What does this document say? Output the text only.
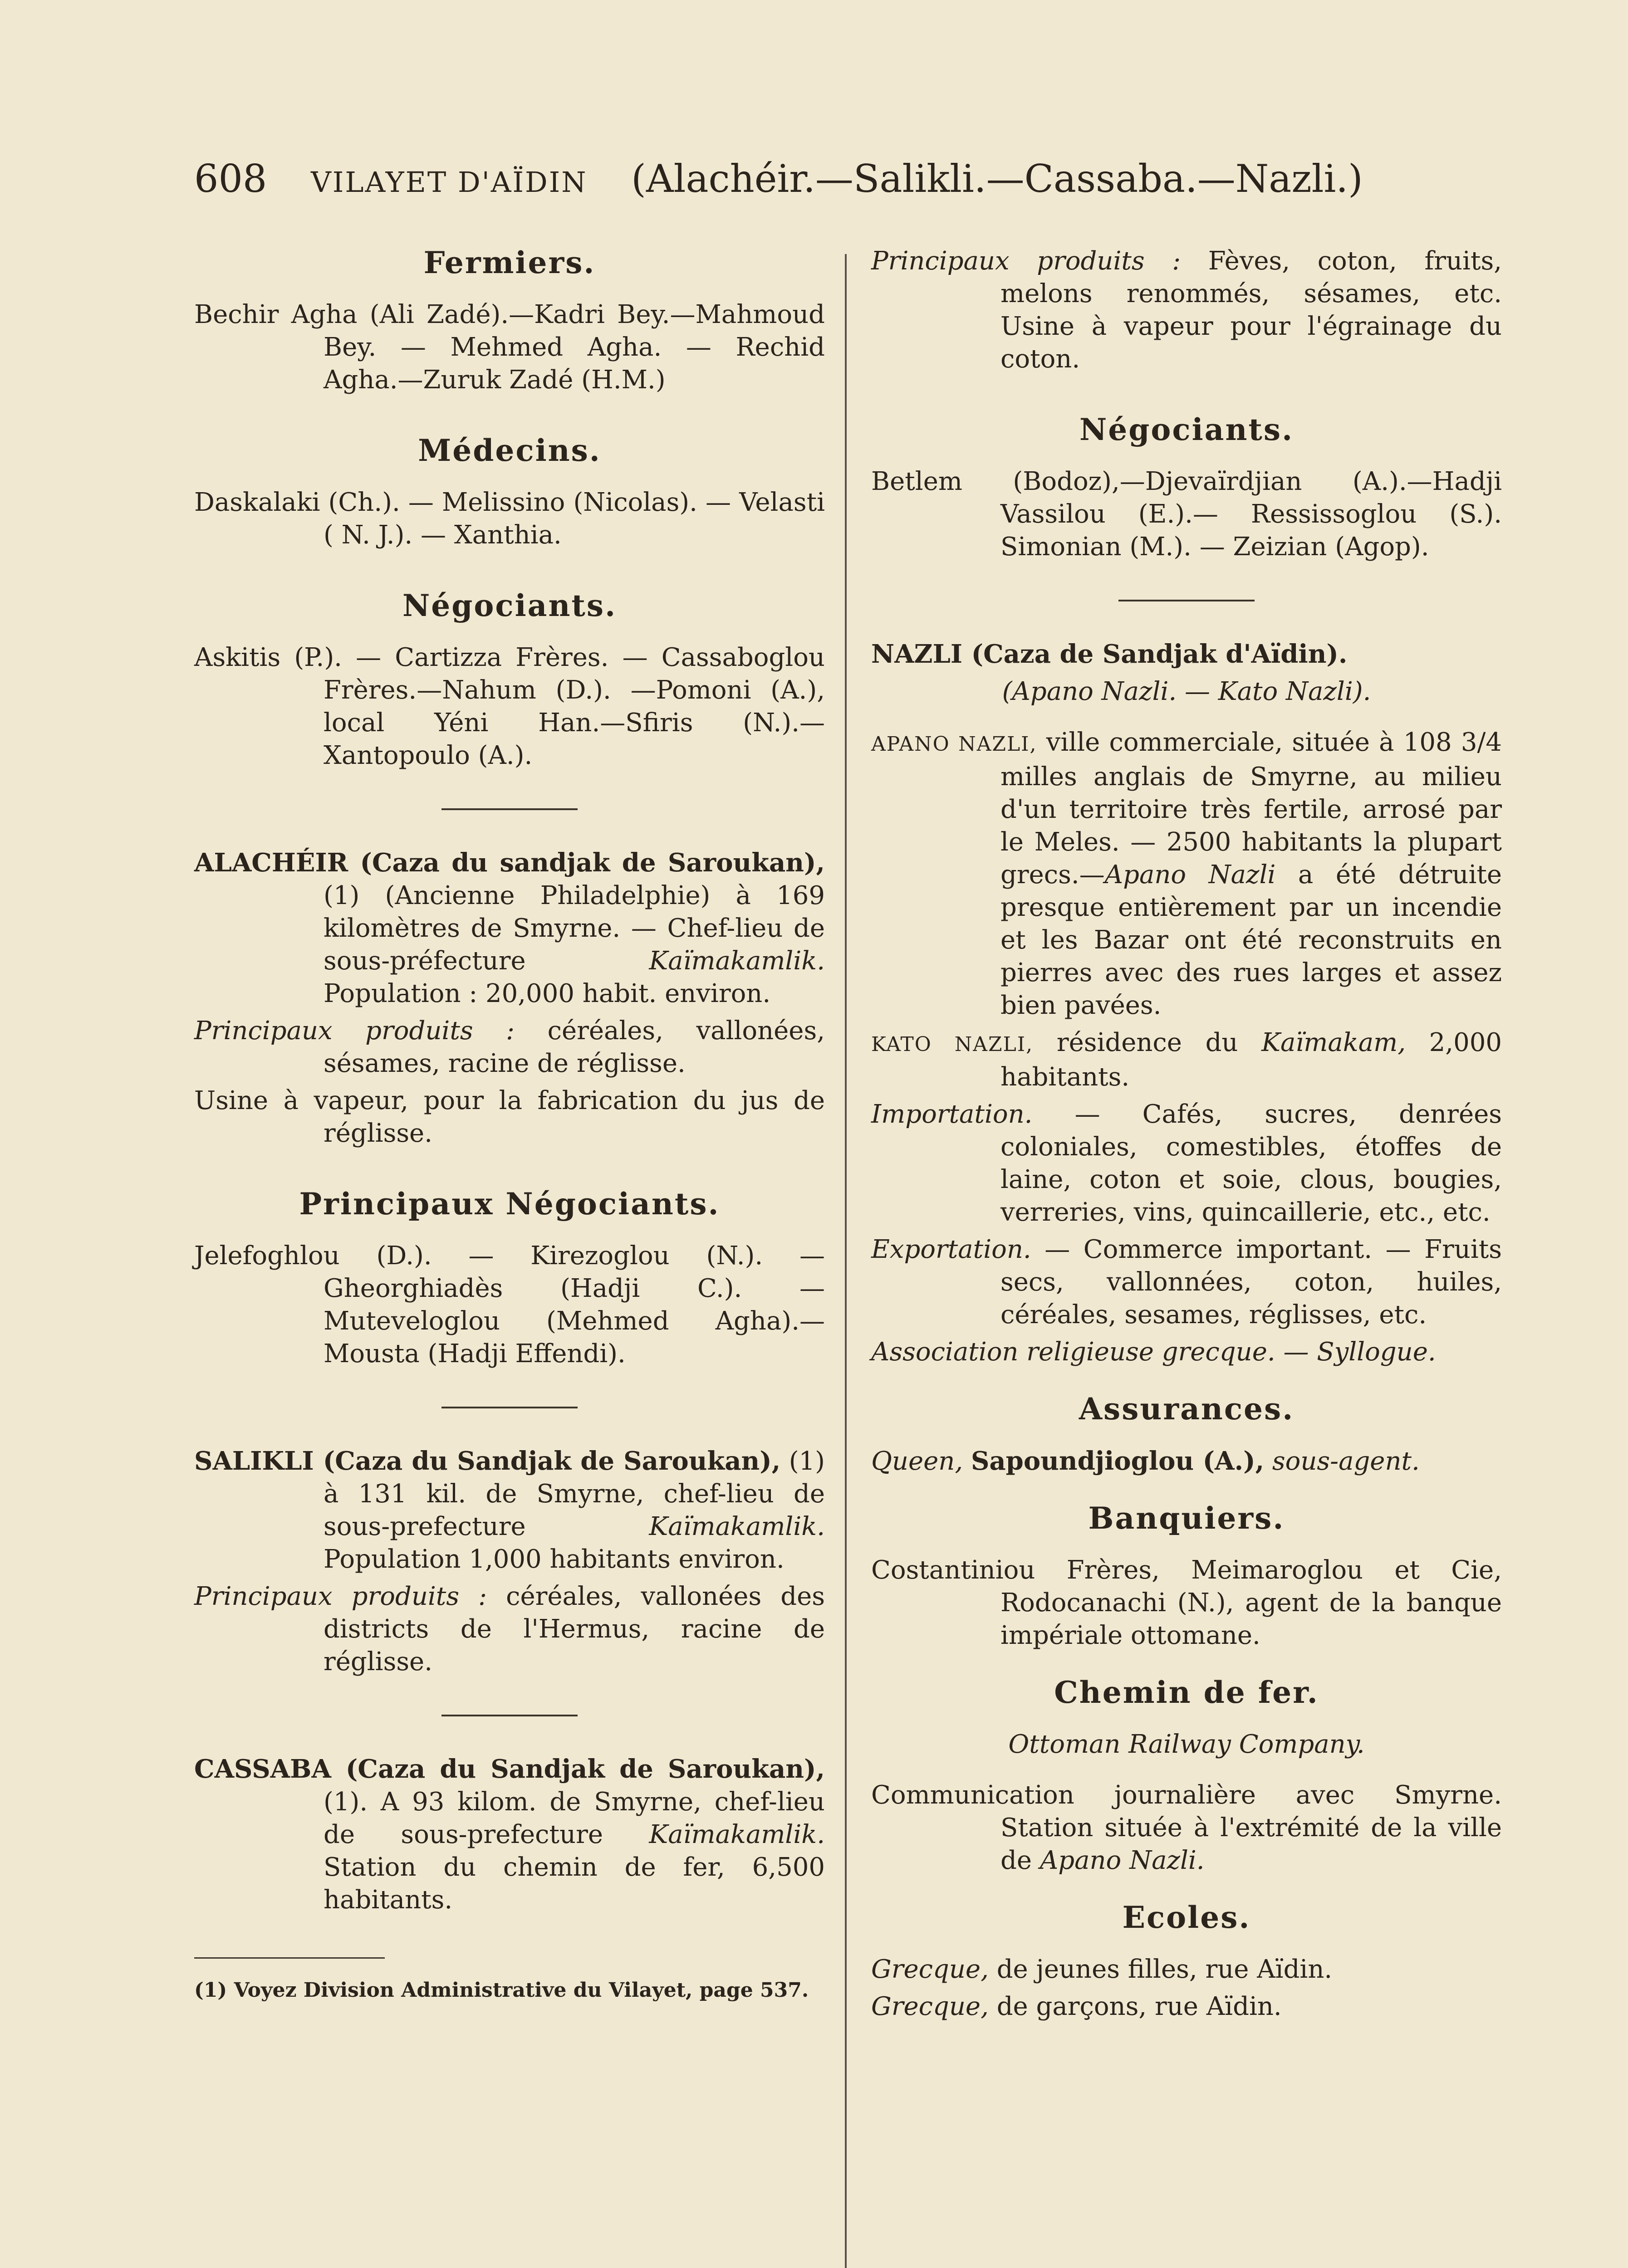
608 VILAYET D'AÏDIN (Alachéir.—Salikli.—Cassaba.—Nazli.)
Fermiers.
Bechir Agha (Ali Zadé).—Kadri Bey.—Mahmoud Bey. — Mehmed Agha. — Rechid Agha.—Zuruk Zadé (H.M.)
Médecins.
Daskalaki (Ch.). — Melissino (Nicolas). — Velasti ( N. J.). — Xanthia.
Négociants.
Askitis (P.). — Cartizza Frères. — Cassaboglou Frères.—Nahum (D.). —Pomoni (A.), local Yéni Han.—Sfiris (N.).— Xantopoulo (A.).
ALACHÉIR (Caza du sandjak de Saroukan), (1) (Ancienne Philadelphie) à 169 kilomètres de Smyrne. — Chef-lieu de sous-préfecture	Kaïmakamlik. Population : 20,000 habit. environ.
Principaux produits : céréales, vallonées, sésames, racine de réglisse.
Usine à vapeur, pour la fabrication du jus de réglisse.
Principaux Négociants.
Jelefoghlou (D.). — Kirezoglou (N.). — Gheorghiadès (Hadji C.). —Muteveloglou (Mehmed Agha).—Mousta (Hadji Effendi).
SALIKLI (Caza du Sandjak de Saroukan), (1) à 131 kil. de Smyrne, chef-lieu de sous-prefecture	Kaïmakamlik. Population 1,000 habitants environ.
Principaux produits : céréales, vallonées des districts de l'Hermus, racine de réglisse.
CASSABA (Caza du Sandjak de Saroukan), (1). A 93 kilom. de Smyrne, chef-lieu de sous-prefecture Kaïmakamlik. Station du chemin de fer, 6,500 habitants.
(1) Voyez Division Administrative du Vilayet, page 537.
Principaux produits : Fèves, coton, fruits, melons renommés, sésames, etc. Usine à vapeur pour l'égrainage du coton.
Négociants.
Betlem (Bodoz),—Djevaïrdjian (A.).—Hadji Vassilou (E.).— Ressissoglou (S.). Simonian (M.). — Zeizian (Agop).
NAZLI (Caza de Sandjak d'Aïdin).
(Apano Nazli. — Kato Nazli).
APANO NAZLI, ville commerciale, située à 108 3/4 milles anglais de Smyrne, au milieu d'un territoire très fertile, arrosé par le Meles. — 2500 habitants la plupart grecs.—Apano Nazli a été détruite presque entièrement par un incendie et les Bazar ont été reconstruits en pierres avec des rues larges et assez bien pavées.
KATO NAZLI, résidence du Kaïmakam, 2,000 habitants.
Importation. — Cafés, sucres, denrées coloniales, comestibles, étoffes de laine, coton et soie, clous, bougies, verreries, vins, quincaillerie, etc., etc.
Exportation. — Commerce important. — Fruits secs, vallonnées, coton, huiles, céréales, sesames, réglisses, etc.
Association religieuse grecque. — Syllogue.
Assurances.
Queen, Sapoundjioglou (A.), sous-agent.
Banquiers.
Costantiniou Frères, Meimaroglou et Cie, Rodocanachi (N.), agent de la banque impériale ottomane.
Chemin de fer.
Ottoman Railway Company.
Communication journalière avec Smyrne. Station située à l'extrémité de la ville de Apano Nazli.
Ecoles.
Grecque, de jeunes filles, rue Aïdin.
Grecque, de garçons, rue Aïdin.
